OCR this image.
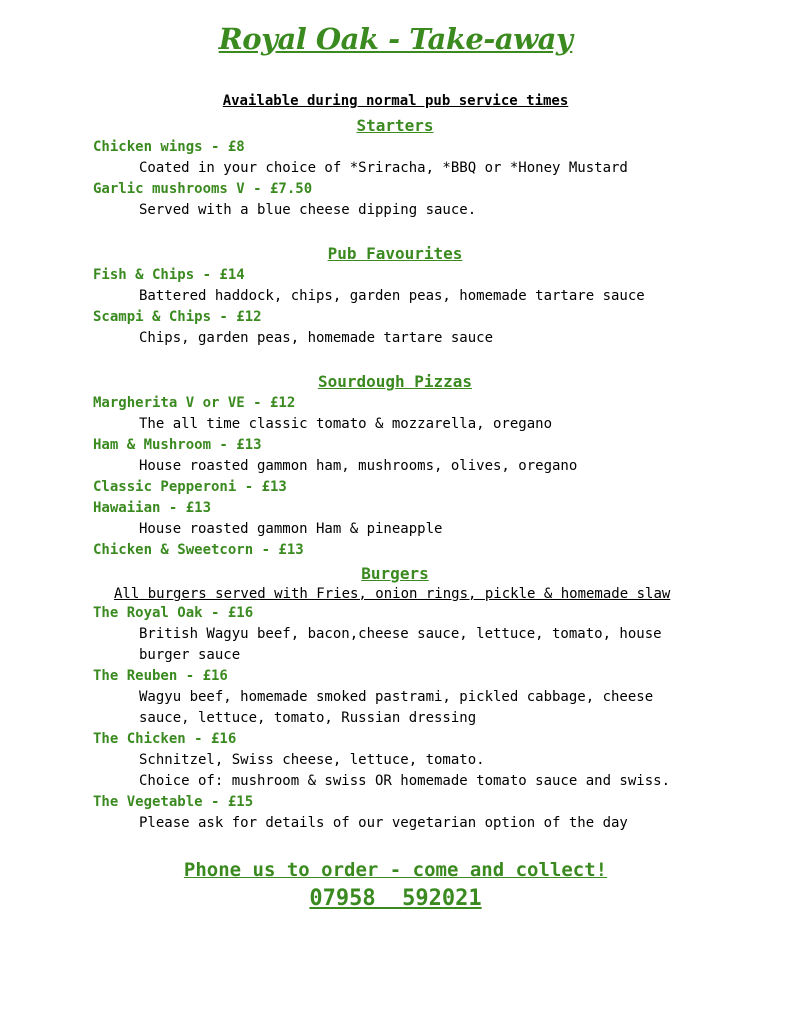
Royal Oak - Take-away
Available during normal pub service times
Starters
Chicken wings - £8
Coated in your choice of *Sriracha, *BBQ or *Honey Mustard
Garlic mushrooms V - £7.50
Served with a blue cheese dipping sauce.
Pub Favourites
Fish & Chips - £14
Battered haddock, chips, garden peas, homemade tartare sauce
Scampi & Chips - £12
Chips, garden peas, homemade tartare sauce
Sourdough Pizzas
Margherita V or VE - £12
The all time classic tomato & mozzarella, oregano
Ham & Mushroom - £13
House roasted gammon ham, mushrooms, olives, oregano
Classic Pepperoni - £13
Hawaiian - £13
House roasted gammon Ham & pineapple
Chicken & Sweetcorn - £13
Burgers
All burgers served with Fries, onion rings, pickle & homemade slaw
The Royal Oak - £16
British Wagyu beef, bacon,cheese sauce, lettuce, tomato, house
burger sauce
The Reuben - £16
Wagyu beef, homemade smoked pastrami, pickled cabbage, cheese
sauce, lettuce, tomato, Russian dressing
The Chicken - £16
Schnitzel, Swiss cheese, lettuce, tomato.
Choice of: mushroom & swiss OR homemade tomato sauce and swiss.
The Vegetable - £15
Please ask for details of our vegetarian option of the day
Phone us to order - come and collect!
07958  592021
